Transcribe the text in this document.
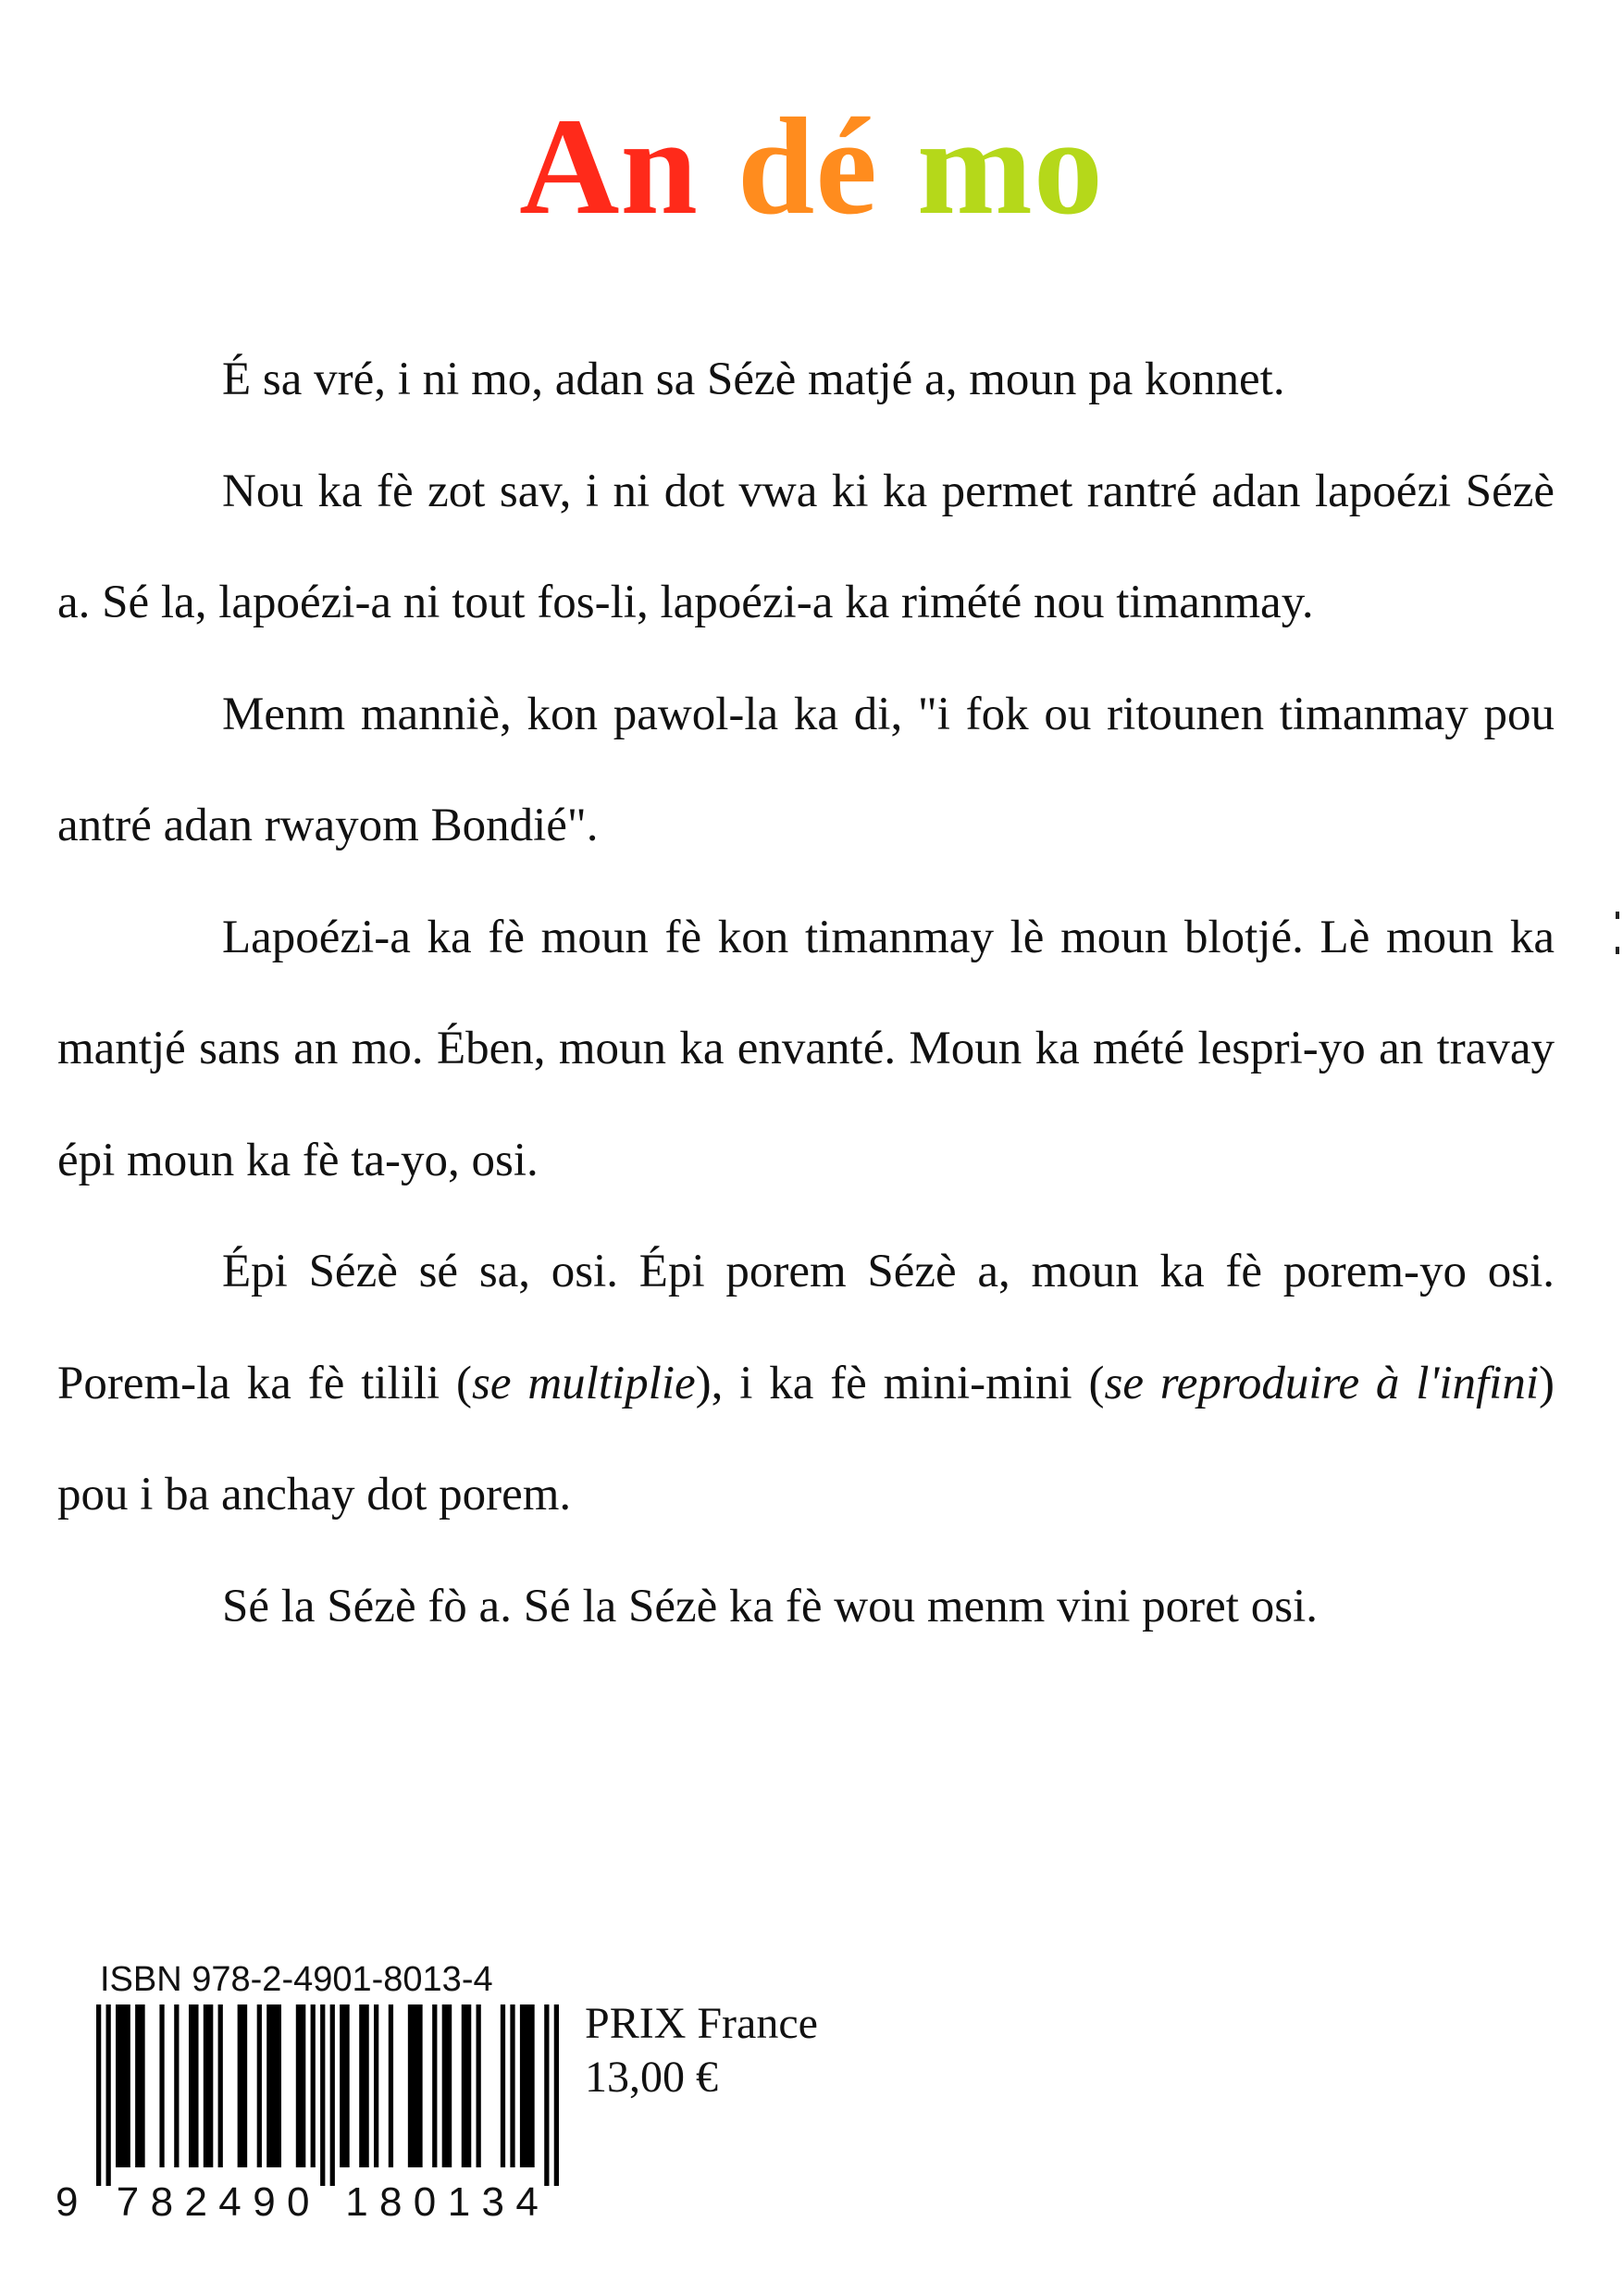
An dé mo

É sa vré, i ni mo, adan sa Sézè matjé a, moun pa konnet.

Nou ka fè zot sav, i ni dot vwa ki ka permet rantré adan lapoézi Sézè a. Sé la, lapoézi-a ni tout fos-li, lapoézi-a ka rimété nou timanmay.

Menm manniè, kon pawol-la ka di, "i fok ou ritounen timanmay pou antré adan rwayom Bondié".

Lapoézi-a ka fè moun fè kon timanmay lè moun blotjé. Lè moun ka mantjé sans an mo. Ében, moun ka envanté. Moun ka mété lespri-yo an travay épi moun ka fè ta-yo, osi.

Épi Sézè sé sa, osi. Épi porem Sézè a, moun ka fè porem-yo osi. Porem-la ka fè tilili (se multiplie), i ka fè mini-mini (se reproduire à l'infini) pou i ba anchay dot porem.

Sé la Sézè fò a. Sé la Sézè ka fè wou menm vini poret osi.

ISBN 978-2-4901-8013-4
9 7 8 2 4 9 0 1 8 0 1 3 4
PRIX France
13,00 €
